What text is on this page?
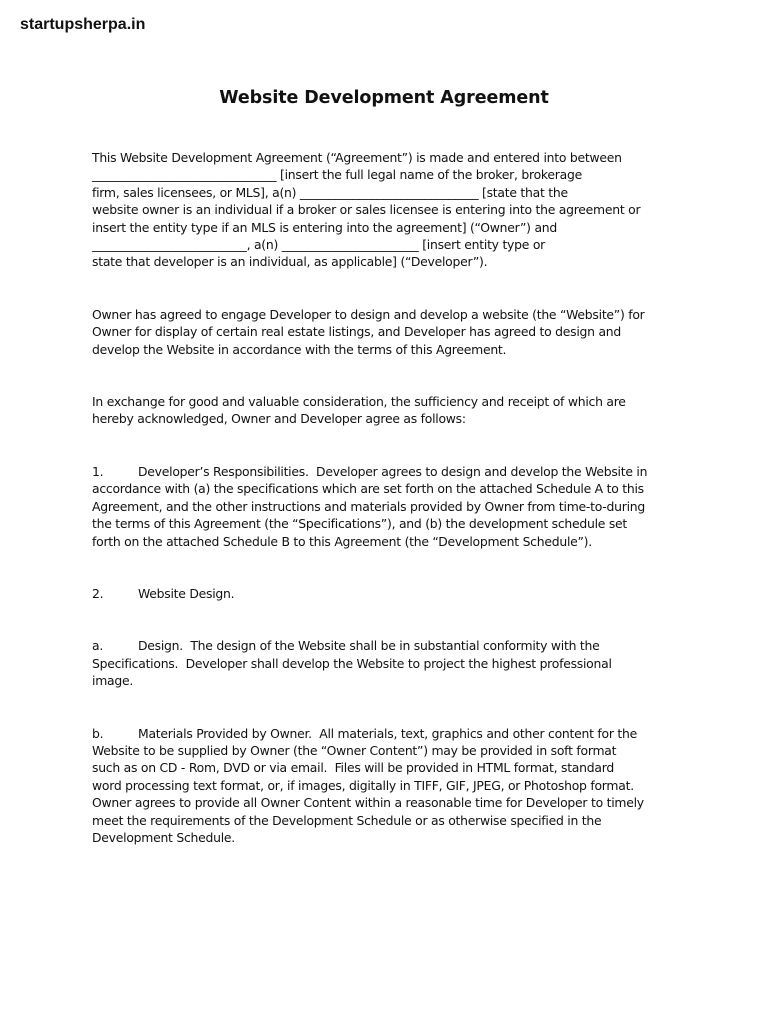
startupsherpa.in
Website Development Agreement
This Website Development Agreement (“Agreement”) is made and entered into between
_______________________________ [insert the full legal name of the broker, brokerage
firm, sales licensees, or MLS], a(n) ______________________________ [state that the
website owner is an individual if a broker or sales licensee is entering into the agreement or
insert the entity type if an MLS is entering into the agreement] (“Owner”) and
__________________________, a(n) _______________________ [insert entity type or
state that developer is an individual, as applicable] (“Developer”).
Owner has agreed to engage Developer to design and develop a website (the “Website”) for
Owner for display of certain real estate listings, and Developer has agreed to design and
develop the Website in accordance with the terms of this Agreement.
In exchange for good and valuable consideration, the sufficiency and receipt of which are
hereby acknowledged, Owner and Developer agree as follows:
1.	Developer’s Responsibilities.  Developer agrees to design and develop the Website in
accordance with (a) the specifications which are set forth on the attached Schedule A to this
Agreement, and the other instructions and materials provided by Owner from time-to-during
the terms of this Agreement (the “Specifications”), and (b) the development schedule set
forth on the attached Schedule B to this Agreement (the “Development Schedule”).
2.	Website Design.
a.	Design.  The design of the Website shall be in substantial conformity with the
Specifications.  Developer shall develop the Website to project the highest professional
image.
b.	Materials Provided by Owner.  All materials, text, graphics and other content for the
Website to be supplied by Owner (the “Owner Content”) may be provided in soft format
such as on CD - Rom, DVD or via email.  Files will be provided in HTML format, standard
word processing text format, or, if images, digitally in TIFF, GIF, JPEG, or Photoshop format.
Owner agrees to provide all Owner Content within a reasonable time for Developer to timely
meet the requirements of the Development Schedule or as otherwise specified in the
Development Schedule.
